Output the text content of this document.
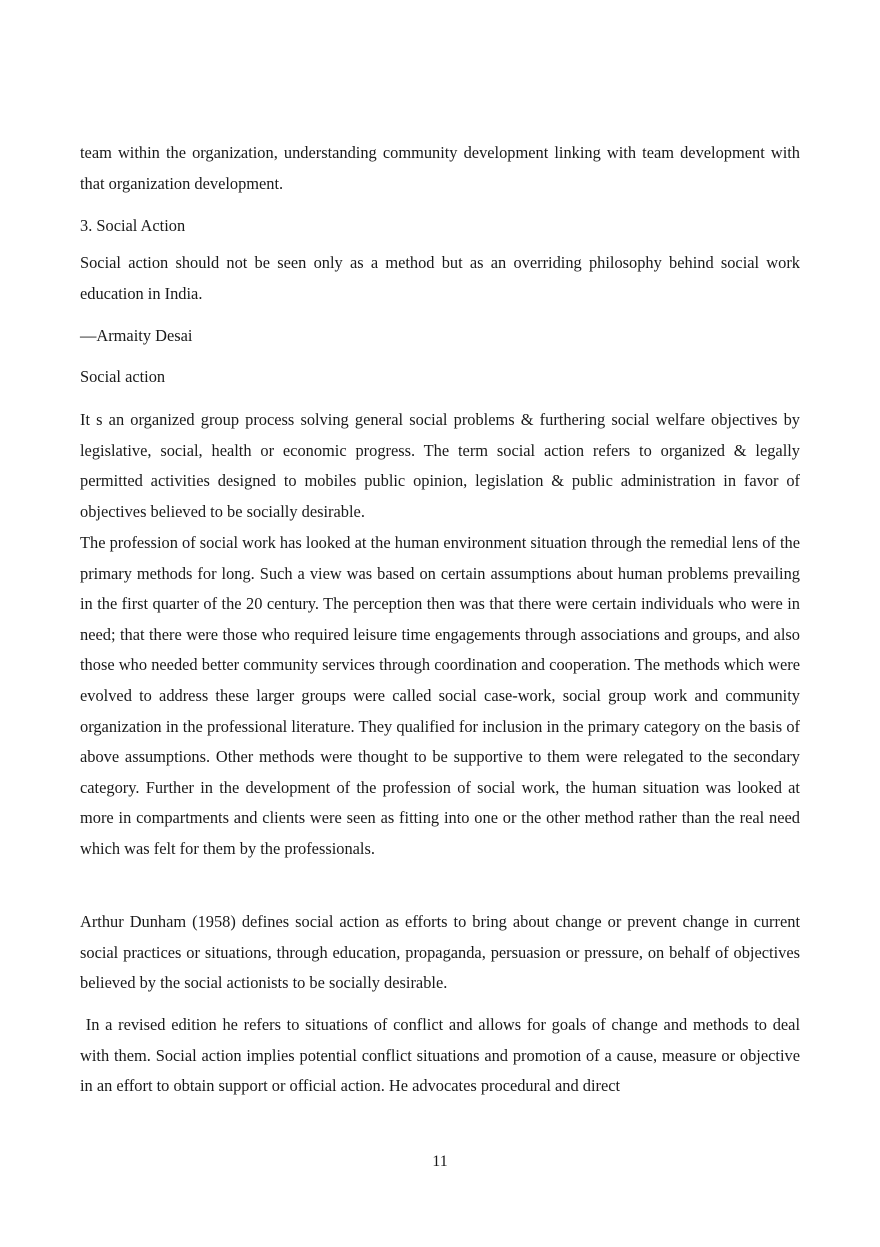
team within the organization, understanding community development linking with team development with that organization development.

3. Social Action

Social action should not be seen only as a method but as an overriding philosophy behind social work education in India.

—Armaity Desai

Social action

It s an organized group process solving general social problems & furthering social welfare objectives by legislative, social, health or economic progress. The term social action refers to organized & legally permitted activities designed to mobiles public opinion, legislation & public administration in favor of objectives believed to be socially desirable.

The profession of social work has looked at the human environment situation through the remedial lens of the primary methods for long. Such a view was based on certain assumptions about human problems prevailing in the first quarter of the 20 century. The perception then was that there were certain individuals who were in need; that there were those who required leisure time engagements through associations and groups, and also those who needed better community services through coordination and cooperation. The methods which were evolved to address these larger groups were called social case-work, social group work and community organization in the professional literature. They qualified for inclusion in the primary category on the basis of above assumptions. Other methods were thought to be supportive to them were relegated to the secondary category. Further in the development of the profession of social work, the human situation was looked at more in compartments and clients were seen as fitting into one or the other method rather than the real need which was felt for them by the professionals.

Arthur Dunham (1958) defines social action as efforts to bring about change or prevent change in current social practices or situations, through education, propaganda, persuasion or pressure, on behalf of objectives believed by the social actionists to be socially desirable.

In a revised edition he refers to situations of conflict and allows for goals of change and methods to deal with them. Social action implies potential conflict situations and promotion of a cause, measure or objective in an effort to obtain support or official action. He advocates procedural and direct

11
